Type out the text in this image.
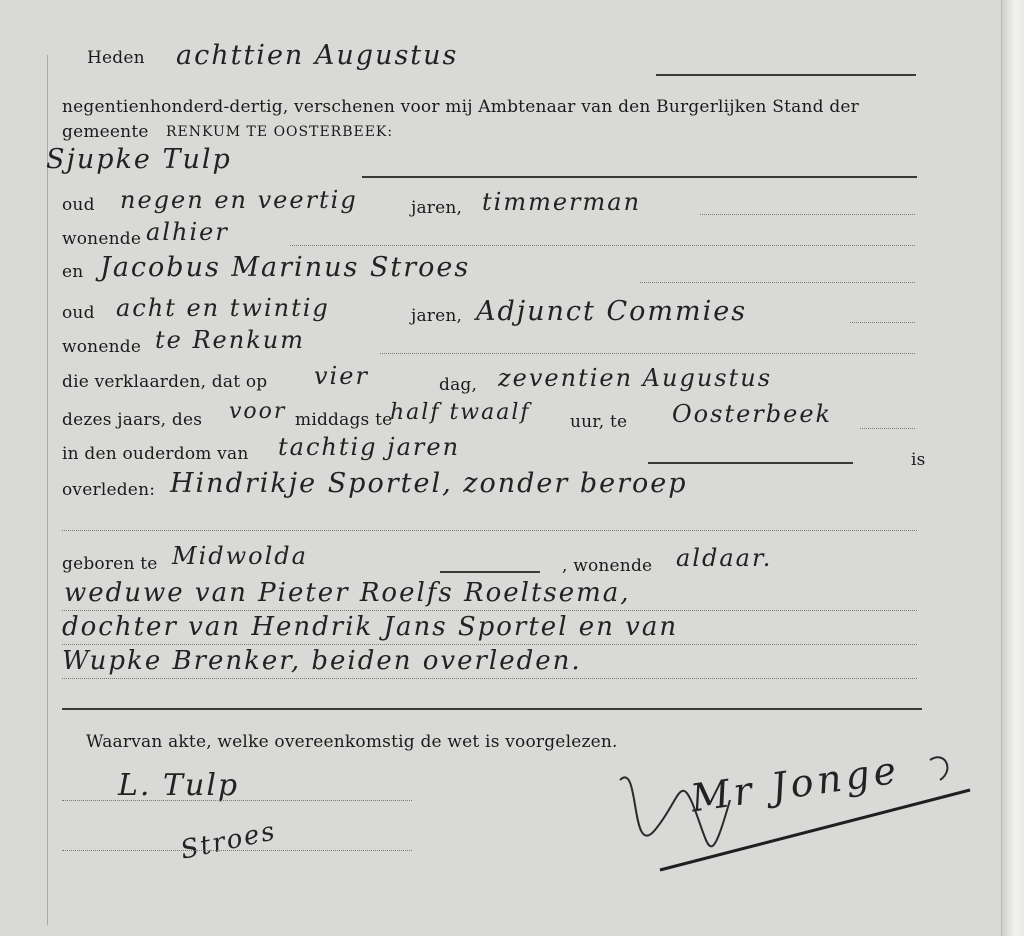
Heden achttien Augustus
negentienhonderd-dertig, verschenen voor mij Ambtenaar van den Burgerlijken Stand der
gemeente RENKUM TE OOSTERBEEK:
Sjupke Tulp
oud negen en veertig	jaren, timmerman
wonende alhier
en Jacobus Marinus Stroes
oud acht en twintig	jaren, Adjunct Commies
wonende te Renkum
die verklaarden, dat op vier	dag, zeventien Augustus
dezes jaars, des voor middags te
half twaalf uur, te Oosterbeek
in den ouderdom van tachtig jaren	is
overleden: Hindrikje Sportel, zonder beroep
geboren te Midwolda	, wonende aldaar.
weduwe van Pieter Roelfs Roeltsema,
dochter van Hendrik Jans Sportel en van
Wupke Brenker, beiden overleden.
Waarvan akte, welke overeenkomstig de wet is voorgelezen.
L. Tulp
Stroes
Mr Jonge
